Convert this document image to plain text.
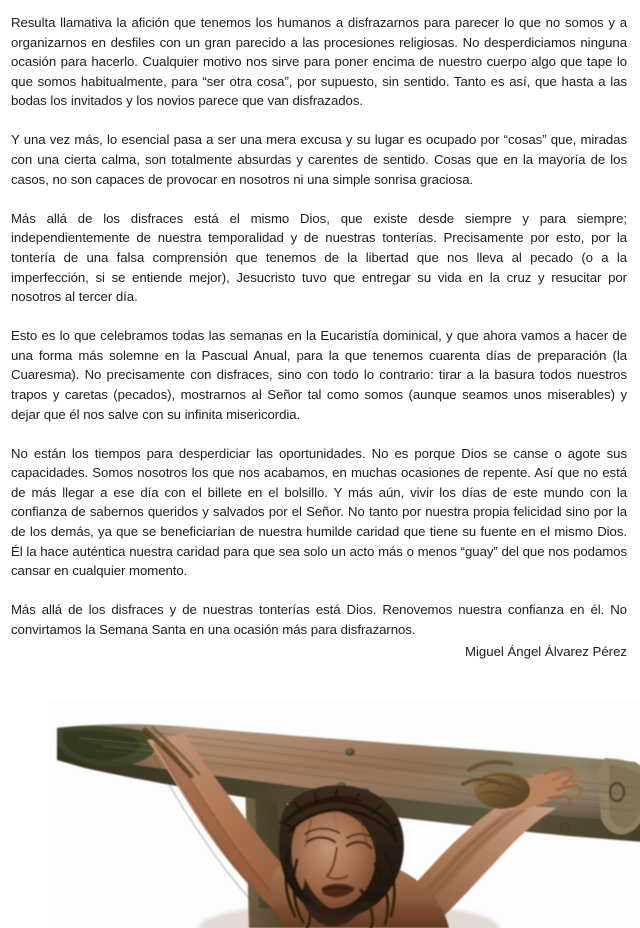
Resulta llamativa la afición que tenemos los humanos a disfrazarnos para parecer lo que no somos y a organizarnos en desfiles con un gran parecido a las procesiones religiosas. No desperdiciamos ninguna ocasión para hacerlo. Cualquier motivo nos sirve para poner encima de nuestro cuerpo algo que tape lo que somos habitualmente, para “ser otra cosa”, por supuesto, sin sentido. Tanto es así, que hasta a las bodas los invitados y los novios parece que van disfrazados.

Y una vez más, lo esencial pasa a ser una mera excusa y su lugar es ocupado por “cosas” que, miradas con una cierta calma, son totalmente absurdas y carentes de sentido. Cosas que en la mayoría de los casos, no son capaces de provocar en nosotros ni una simple sonrisa graciosa.

Más allá de los disfraces está el mismo Dios, que existe desde siempre y para siempre; independientemente de nuestra temporalidad y de nuestras tonterías. Precisamente por esto, por la tontería de una falsa comprensión que tenemos de la libertad que nos lleva al pecado (o a la imperfección, si se entiende mejor), Jesucristo tuvo que entregar su vida en la cruz y resucitar por nosotros al tercer día.

Esto es lo que celebramos todas las semanas en la Eucaristía dominical, y que ahora vamos a hacer de una forma más solemne en la Pascual Anual, para la que tenemos cuarenta días de preparación (la Cuaresma). No precisamente con disfraces, sino con todo lo contrario: tirar a la basura todos nuestros trapos y caretas (pecados), mostrarnos al Señor tal como somos (aunque seamos unos miserables) y dejar que él nos salve con su infinita misericordia.

No están los tiempos para desperdiciar las oportunidades. No es porque Dios se canse o agote sus capacidades. Somos nosotros los que nos acabamos, en muchas ocasiones de repente. Así que no está de más llegar a ese día con el billete en el bolsillo. Y más aún, vivir los días de este mundo con la confianza de sabernos queridos y salvados por el Señor. No tanto por nuestra propia felicidad sino por la de los demás, ya que se beneficiarían de nuestra humilde caridad que tiene su fuente en el mismo Dios. Él la hace auténtica nuestra caridad para que sea solo un acto más o menos “guay” del que nos podamos cansar en cualquier momento.

Más allá de los disfraces y de nuestras tonterías está Dios. Renovemos nuestra confianza en él. No convirtamos la Semana Santa en una ocasión más para disfrazarnos.

Miguel Ángel Álvarez Pérez
